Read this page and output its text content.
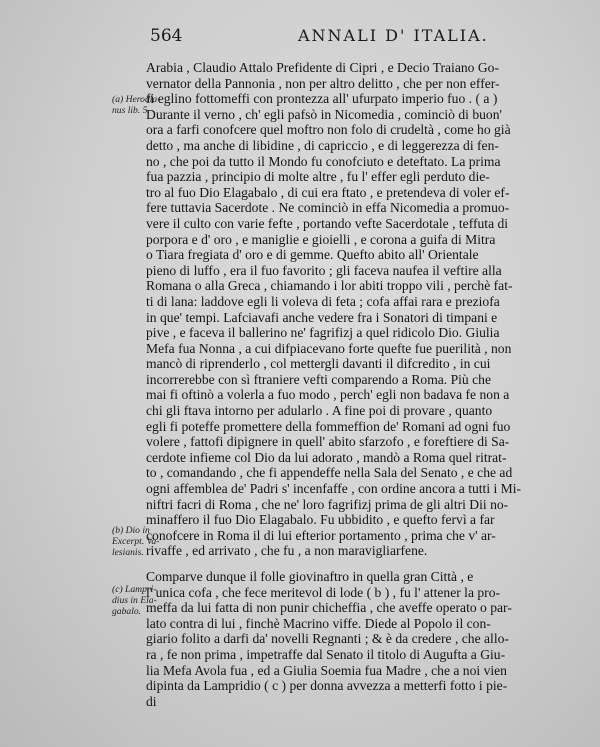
564	ANNALI D' ITALIA.
(a) Herodia-nus lib. 5.
(b) Dio in Excerpt. Va-lesianis.
(c) Lampri-dius in Ela-gabalo.
Arabia , Claudio Attalo Prefidente di Cipri , e Decio Traiano Go-
vernator della Pannonia , non per altro delitto , che per non effer-
fi eglino fottomeffi con prontezza all' ufurpato imperio fuo . ( a )
Durante il verno , ch' egli pafsò in Nicomedia , cominciò di buon'
ora a farfi conofcere quel moftro non folo di crudeltà , come ho già
detto , ma anche di libidine , di capriccio , e di leggerezza di fen-
no , che poi da tutto il Mondo fu conofciuto e deteftato. La prima
fua pazzia , principio di molte altre , fu l' effer egli perduto die-
tro al fuo Dio Elagabalo , di cui era ftato , e pretendeva di voler ef-
fere tuttavia Sacerdote . Ne cominciò in effa Nicomedia a promuo-
vere il culto con varie fefte , portando vefte Sacerdotale , teffuta di
porpora e d' oro , e maniglie e gioielli , e corona a guifa di Mitra
o Tiara fregiata d' oro e di gemme. Quefto abito all' Orientale
pieno di luffo , era il fuo favorito ; gli faceva naufea il veftire alla
Romana o alla Greca , chiamando i lor abiti troppo vili , perchè fat-
ti di lana: laddove egli li voleva di feta ; cofa affai rara e preziofa
in que' tempi. Lafciavafi anche vedere fra i Sonatori di timpani e
pive , e faceva il ballerino ne' fagrifizj a quel ridicolo Dio. Giulia
Mefa fua Nonna , a cui difpiacevano forte quefte fue puerilità , non
mancò di riprenderlo , col mettergli davanti il difcredito , in cui
incorrerebbe con sì ftraniere vefti comparendo a Roma. Più che
mai fi oftinò a volerla a fuo modo , perch' egli non badava fe non a
chi gli ftava intorno per adularlo . A fine poi di provare , quanto
egli fi poteffe promettere della fommeffion de' Romani ad ogni fuo
volere , fattofi dipignere in quell' abito sfarzofo , e foreftiere di Sa-
cerdote infieme col Dio da lui adorato , mandò a Roma quel ritrat-
to , comandando , che fi appendeffe nella Sala del Senato , e che ad
ogni affemblea de' Padri s' incenfaffe , con ordine ancora a tutti i Mi-
niftri facri di Roma , che ne' loro fagrifizj prima de gli altri Dii no-
minaffero il fuo Dio Elagabalo. Fu ubbidito , e quefto fervì a far
conofcere in Roma il di lui efterior portamento , prima che v' ar-
rivaffe , ed arrivato , che fu , a non maravigliarfene.
Comparve dunque il folle giovinaftro in quella gran Città , e
l' unica cofa , che fece meritevol di lode ( b ) , fu l' attener la pro-
meffa da lui fatta di non punir chicheffia , che aveffe operato o par-
lato contra di lui , finchè Macrino viffe. Diede al Popolo il con-
giario folito a darfi da' novelli Regnanti ; & è da credere , che allo-
ra , fe non prima , impetraffe dal Senato il titolo di Augufta a Giu-
lia Mefa Avola fua , ed a Giulia Soemia fua Madre , che a noi vien
dipinta da Lampridio ( c ) per donna avvezza a metterfi fotto i pie-
di
